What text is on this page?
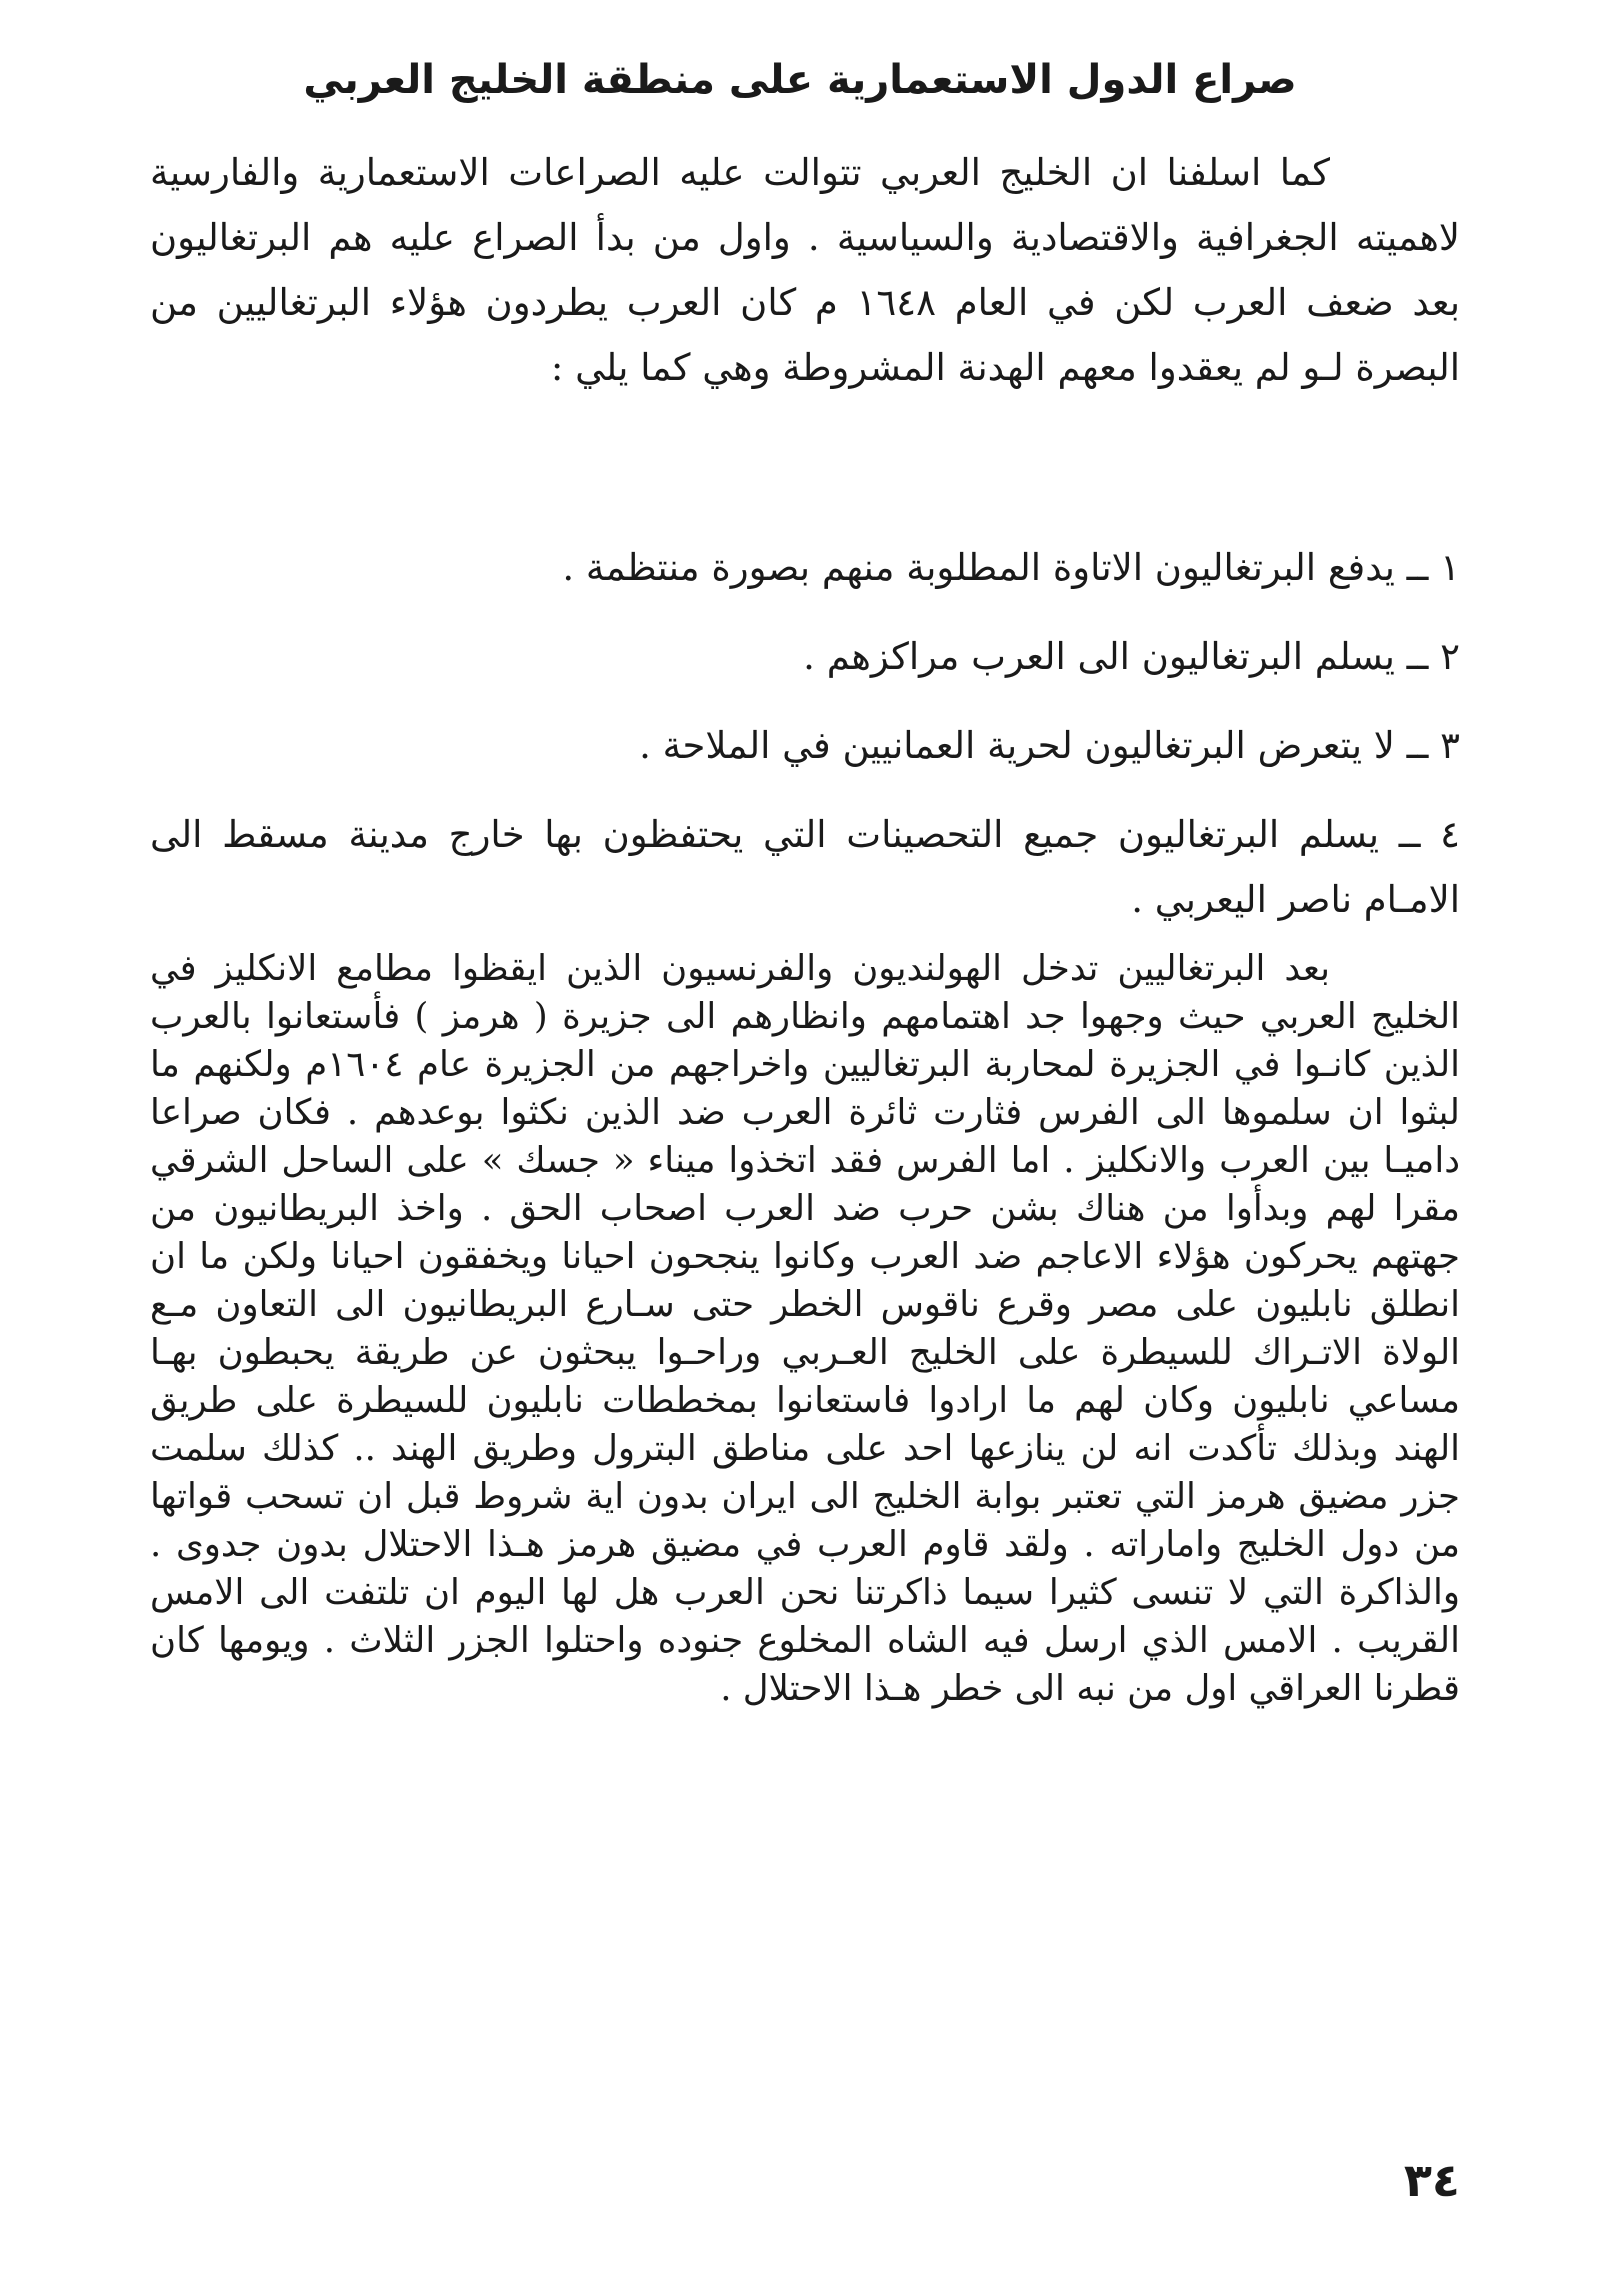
صراع الدول الاستعمارية على منطقة الخليج العربي

كما اسلفنا ان الخليج العربي تتوالت عليه الصراعات الاستعمارية والفارسية لاهميته الجغرافية والاقتصادية والسياسية . واول من بدأ الصراع عليه هم البرتغاليون بعد ضعف العرب لكن في العام ١٦٤٨ م كان العرب يطردون هؤلاء البرتغاليين من البصرة لـو لم يعقدوا معهم الهدنة المشروطة وهي كما يلي :

١ ــ يدفع البرتغاليون الاتاوة المطلوبة منهم بصورة منتظمة .
٢ ــ يسلم البرتغاليون الى العرب مراكزهم .
٣ ــ لا يتعرض البرتغاليون لحرية العمانيين في الملاحة .
٤ ــ يسلم البرتغاليون جميع التحصينات التي يحتفظون بها خارج مدينة مسقط الى الامـام ناصر اليعربي .

بعد البرتغاليين تدخل الهولنديون والفرنسيون الذين ايقظوا مطامع الانكليز في الخليج العربي حيث وجهوا جد اهتمامهم وانظارهم الى جزيرة ( هرمز ) فأستعانوا بالعرب الذين كانـوا في الجزيرة لمحاربة البرتغاليين واخراجهم من الجزيرة عام ١٦٠٤م ولكنهم ما لبثوا ان سلموها الى الفرس فثارت ثائرة العرب ضد الذين نكثوا بوعدهم . فكان صراعا داميـا بين العرب والانكليز . اما الفرس فقد اتخذوا ميناء « جسك » على الساحل الشرقي مقرا لهم وبدأوا من هناك بشن حرب ضد العرب اصحاب الحق . واخذ البريطانيون من جهتهم يحركون هؤلاء الاعاجم ضد العرب وكانوا ينجحون احيانا ويخفقون احيانا ولكن ما ان انطلق نابليون على مصر وقرع ناقوس الخطر حتى سـارع البريطانيون الى التعاون مـع الولاة الاتـراك للسيطرة على الخليج العـربي وراحـوا يبحثون عن طريقة يحبطون بهـا مساعي نابليون وكان لهم ما ارادوا فاستعانوا بمخططات نابليون للسيطرة على طريق الهند وبذلك تأكدت انه لن ينازعها احد على مناطق البترول وطريق الهند .. كذلك سلمت جزر مضيق هرمز التي تعتبر بوابة الخليج الى ايران بدون اية شروط قبل ان تسحب قواتها من دول الخليج واماراته . ولقد قاوم العرب في مضيق هرمز هـذا الاحتلال بدون جدوى . والذاكرة التي لا تنسى كثيرا سيما ذاكرتنا نحن العرب هل لها اليوم ان تلتفت الى الامس القريب . الامس الذي ارسل فيه الشاه المخلوع جنوده واحتلوا الجزر الثلاث . ويومها كان قطرنا العراقي اول من نبه الى خطر هـذا الاحتلال .

٣٤
